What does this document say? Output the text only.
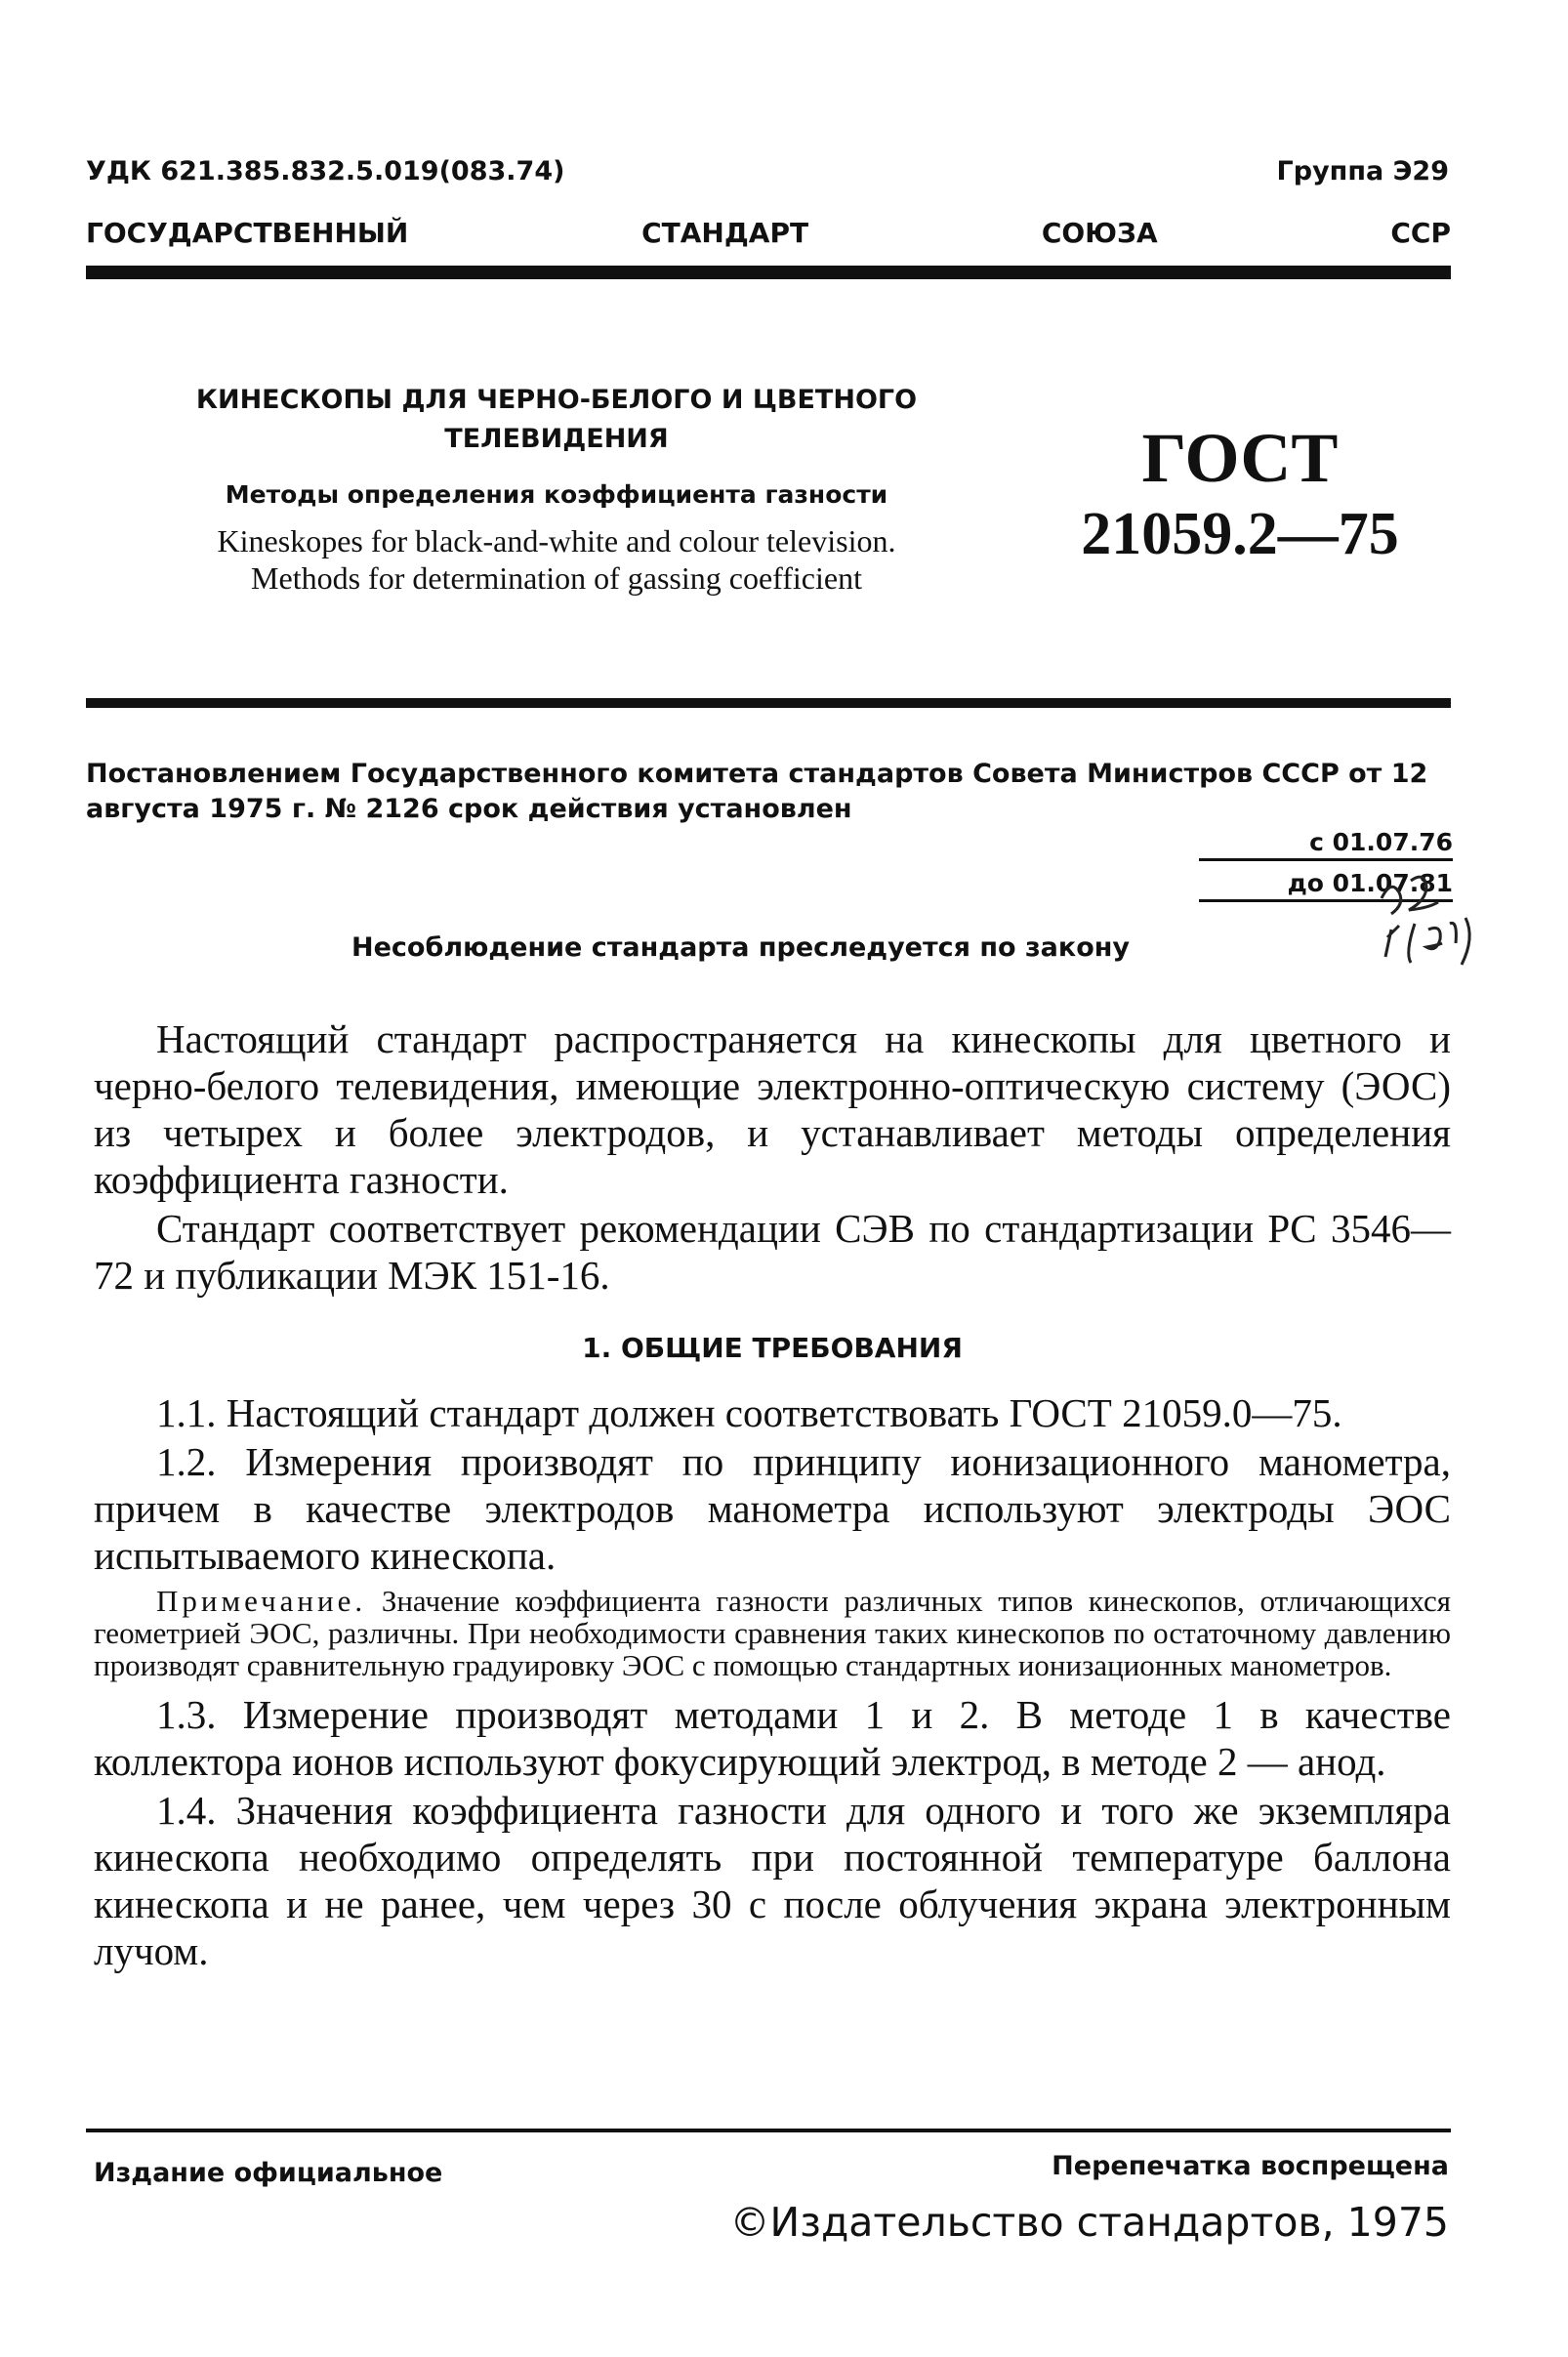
УДК 621.385.832.5.019(083.74)	Группа Э29
ГОСУДАРСТВЕННЫЙ	СТАНДАРТ	СОЮЗА	ССР
КИНЕСКОПЫ ДЛЯ ЧЕРНО-БЕЛОГО И ЦВЕТНОГО ТЕЛЕВИДЕНИЯ
Методы определения коэффициента газности
Kineskopes for black-and-white and colour television.
Methods for determination of gassing coefficient
ГОСТ
21059.2—75
Постановлением Государственного комитета стандартов Совета Министров СССР от 12 августа 1975 г. № 2126 срок действия установлен
с 01.07.76
до 01.07.81
Несоблюдение стандарта преследуется по закону

Настоящий стандарт распространяется на кинескопы для цветного и черно-белого телевидения, имеющие электронно-оптическую систему (ЭОС) из четырех и более электродов, и устанавливает методы определения коэффициента газности.

Стандарт соответствует рекомендации СЭВ по стандартизации PC 3546—72 и публикации МЭК 151-16.

1. ОБЩИЕ ТРЕБОВАНИЯ

1.1. Настоящий стандарт должен соответствовать ГОСТ 21059.0—75.

1.2. Измерения производят по принципу ионизационного манометра, причем в качестве электродов манометра используют электроды ЭОС испытываемого кинескопа.

Примечание. Значение коэффициента газности различных типов кинескопов, отличающихся геометрией ЭОС, различны. При необходимости сравнения таких кинескопов по остаточному давлению производят сравнительную градуировку ЭОС с помощью стандартных ионизационных манометров.

1.3. Измерение производят методами 1 и 2. В методе 1 в качестве коллектора ионов используют фокусирующий электрод, в методе 2 — анод.

1.4. Значения коэффициента газности для одного и того же экземпляра кинескопа необходимо определять при постоянной температуре баллона кинескопа и не ранее, чем через 30 с после облучения экрана электронным лучом.

Издание официальное	Перепечатка воспрещена
©Издательство стандартов, 1975
